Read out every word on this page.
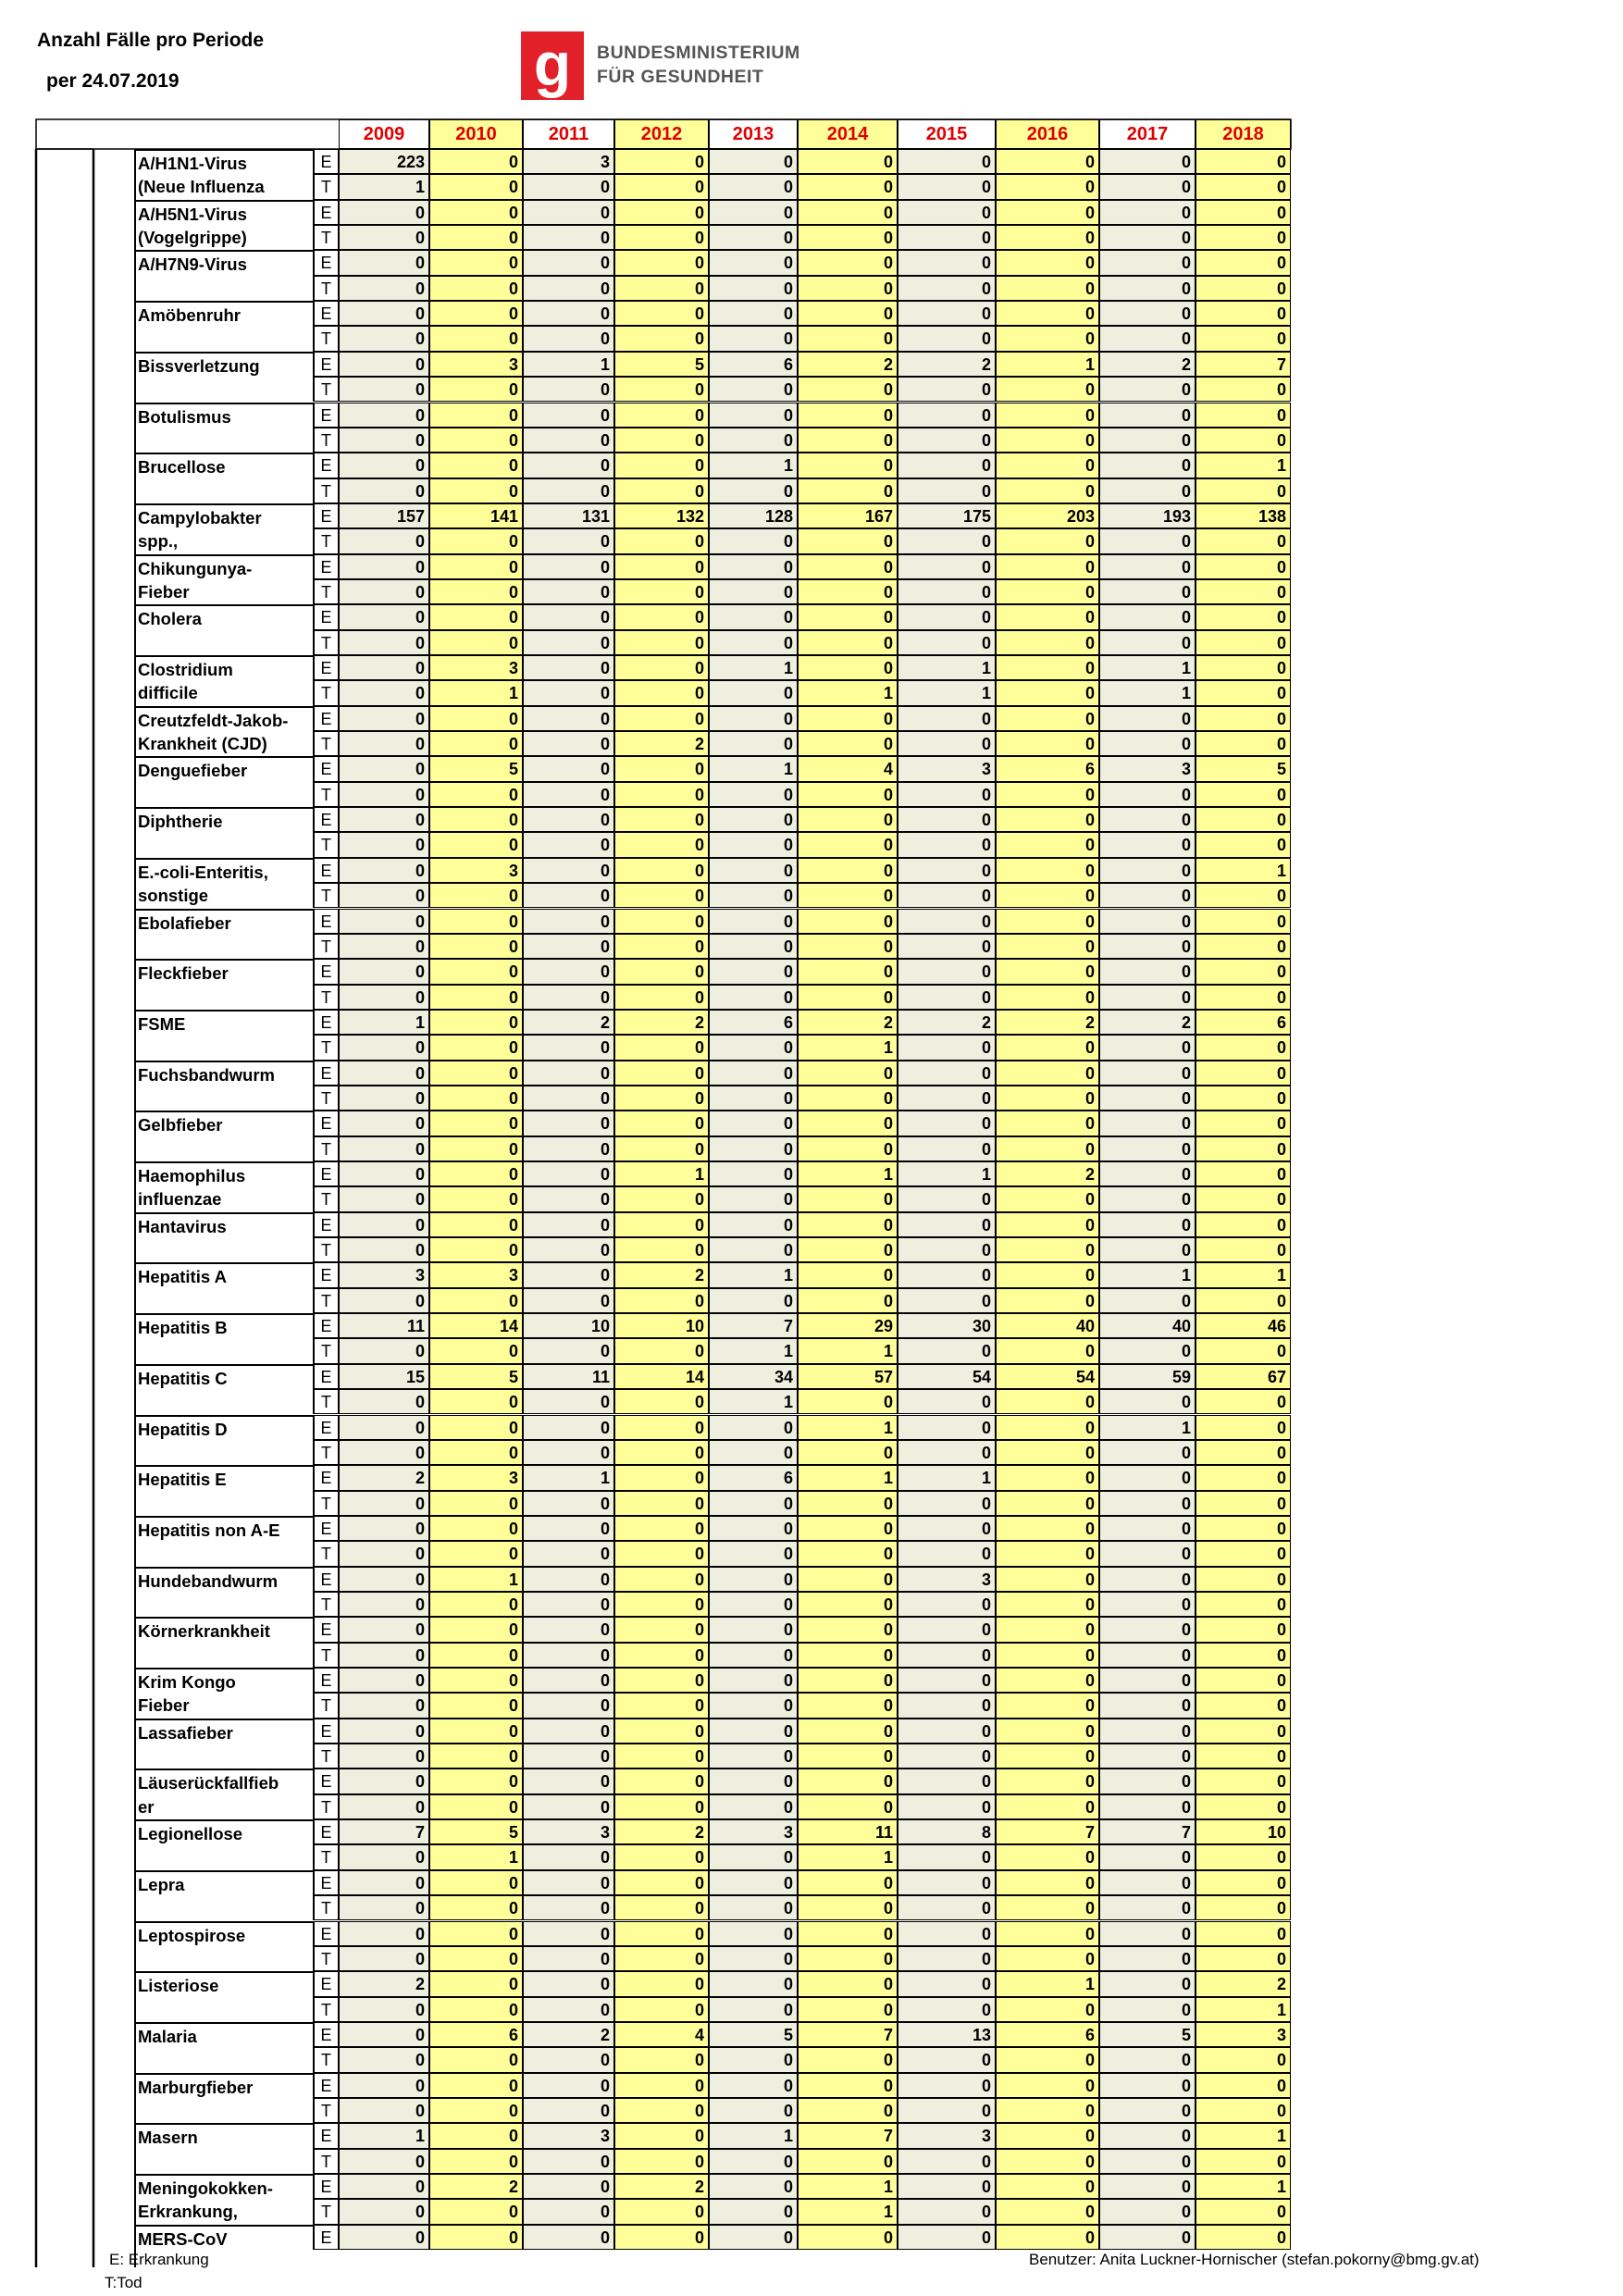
Anzahl Fälle pro Periode
per 24.07.2019	g BUNDESMINISTERIUM
FÜR GESUNDHEIT
2009	2010	2011	2012	2013	2014	2015	2016	2017	2018
A/H1N1-Virus	E	223	0	3	0	0	0	0	0	0	0
(Neue Influenza	T	1	0	0	0	0	0	0	0	0	0
A/H5N1-Virus	E	0	0	0	0	0	0	0	0	0	0
(Vogelgrippe)	T	0	0	0	0	0	0	0	0	0	0
A/H7N9-Virus	E	0	0	0	0	0	0	0	0	0	0
T	0	0	0	0	0	0	0	0	0	0
Amöbenruhr	E	0	0	0	0	0	0	0	0	0	0
T	0	0	0	0	0	0	0	0	0	0
Bissverletzung	E	0	3	1	5	6	2	2	1	2	7
T	0	0	0	0	0	0	0	0	0	0
Botulismus	E	0	0	0	0	0	0	0	0	0	0
T	0	0	0	0	0	0	0	0	0	0
Brucellose	E	0	0	0	0	1	0	0	0	0	1
T	0	0	0	0	0	0	0	0	0	0
Campylobakter	E	157	141	131	132	128	167	175	203	193	138
spp.,	T	0	0	0	0	0	0	0	0	0	0
Chikungunya-	E	0	0	0	0	0	0	0	0	0	0
Fieber	T	0	0	0	0	0	0	0	0	0	0
Cholera	E	0	0	0	0	0	0	0	0	0	0
T	0	0	0	0	0	0	0	0	0	0
Clostridium	E	0	3	0	0	1	0	1	0	1	0
difficile	T	0	1	0	0	0	1	1	0	1	0
Creutzfeldt-Jakob-	E	0	0	0	0	0	0	0	0	0	0
Krankheit (CJD)	T	0	0	0	2	0	0	0	0	0	0
Denguefieber	E	0	5	0	0	1	4	3	6	3	5
T	0	0	0	0	0	0	0	0	0	0
Diphtherie	E	0	0	0	0	0	0	0	0	0	0
T	0	0	0	0	0	0	0	0	0	0
E.-coli-Enteritis,	E	0	3	0	0	0	0	0	0	0	1
sonstige	T	0	0	0	0	0	0	0	0	0	0
Ebolafieber	E	0	0	0	0	0	0	0	0	0	0
T	0	0	0	0	0	0	0	0	0	0
Fleckfieber	E	0	0	0	0	0	0	0	0	0	0
T	0	0	0	0	0	0	0	0	0	0
FSME	E	1	0	2	2	6	2	2	2	2	6
T	0	0	0	0	0	1	0	0	0	0
Fuchsbandwurm	E	0	0	0	0	0	0	0	0	0	0
T	0	0	0	0	0	0	0	0	0	0
Gelbfieber	E	0	0	0	0	0	0	0	0	0	0
T	0	0	0	0	0	0	0	0	0	0
Haemophilus	E	0	0	0	1	0	1	1	2	0	0
influenzae	T	0	0	0	0	0	0	0	0	0	0
Hantavirus	E	0	0	0	0	0	0	0	0	0	0
T	0	0	0	0	0	0	0	0	0	0
Hepatitis A	E	3	3	0	2	1	0	0	0	1	1
T	0	0	0	0	0	0	0	0	0	0
Hepatitis B	E	11	14	10	10	7	29	30	40	40	46
T	0	0	0	0	1	1	0	0	0	0
Hepatitis C	E	15	5	11	14	34	57	54	54	59	67
T	0	0	0	0	1	0	0	0	0	0
Hepatitis D	E	0	0	0	0	0	1	0	0	1	0
T	0	0	0	0	0	0	0	0	0	0
Hepatitis E	E	2	3	1	0	6	1	1	0	0	0
T	0	0	0	0	0	0	0	0	0	0
Hepatitis non A-E	E	0	0	0	0	0	0	0	0	0	0
T	0	0	0	0	0	0	0	0	0	0
Hundebandwurm	E	0	1	0	0	0	0	3	0	0	0
T	0	0	0	0	0	0	0	0	0	0
Körnerkrankheit	E	0	0	0	0	0	0	0	0	0	0
T	0	0	0	0	0	0	0	0	0	0
Krim Kongo	E	0	0	0	0	0	0	0	0	0	0
Fieber	T	0	0	0	0	0	0	0	0	0	0
Lassafieber	E	0	0	0	0	0	0	0	0	0	0
T	0	0	0	0	0	0	0	0	0	0
Läuserückfallfieb	E	0	0	0	0	0	0	0	0	0	0
er	T	0	0	0	0	0	0	0	0	0	0
Legionellose	E	7	5	3	2	3	11	8	7	7	10
T	0	1	0	0	0	1	0	0	0	0
Lepra	E	0	0	0	0	0	0	0	0	0	0
T	0	0	0	0	0	0	0	0	0	0
Leptospirose	E	0	0	0	0	0	0	0	0	0	0
T	0	0	0	0	0	0	0	0	0	0
Listeriose	E	2	0	0	0	0	0	0	1	0	2
T	0	0	0	0	0	0	0	0	0	1
Malaria	E	0	6	2	4	5	7	13	6	5	3
T	0	0	0	0	0	0	0	0	0	0
Marburgfieber	E	0	0	0	0	0	0	0	0	0	0
T	0	0	0	0	0	0	0	0	0	0
Masern	E	1	0	3	0	1	7	3	0	0	1
T	0	0	0	0	0	0	0	0	0	0
Meningokokken-	E	0	2	0	2	0	1	0	0	0	1
Erkrankung,	T	0	0	0	0	0	1	0	0	0	0
MERS-CoV	E	0	0	0	0	0	0	0	0	0	0
E: Erkrankung
T:Tod
Benutzer: Anita Luckner-Hornischer (stefan.pokorny@bmg.gv.at)
